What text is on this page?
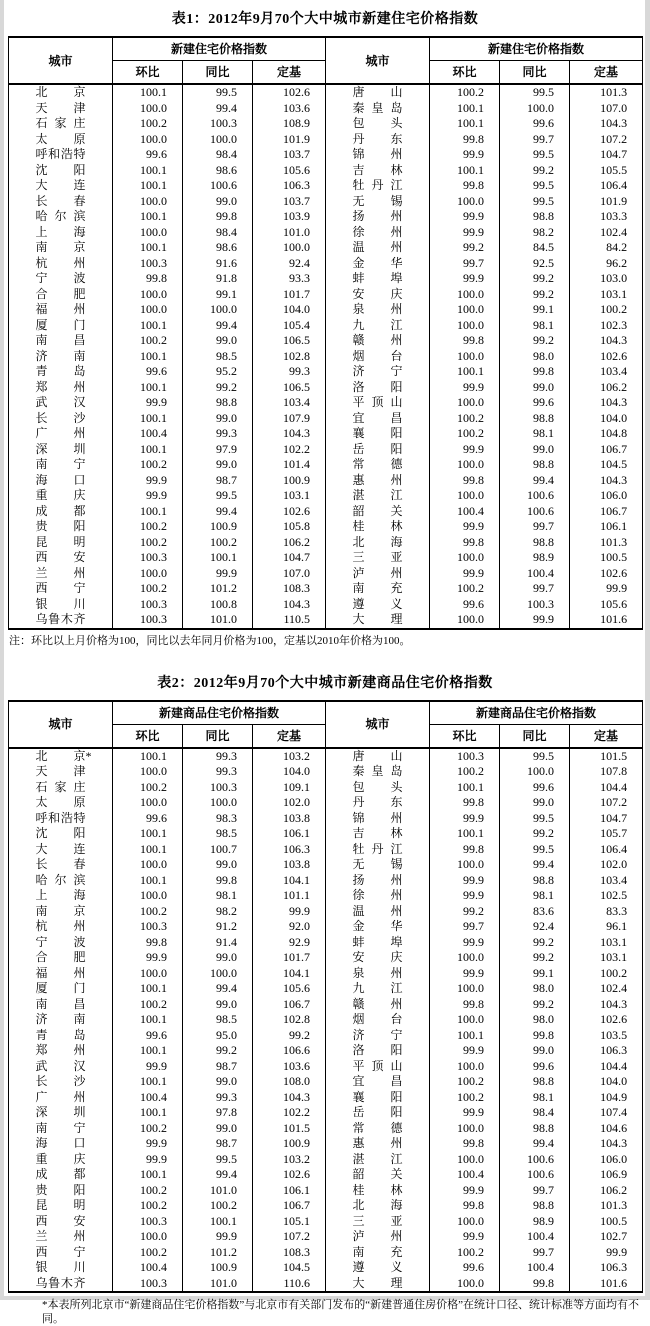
表1：2012年9月70个大中城市新建住宅价格指数
城市	新建住宅价格指数			城市	新建住宅价格指数		
	环比	同比	定基		环比	同比	定基
北京	100.1	99.5	102.6	唐山	100.2	99.5	101.3
天津	100.0	99.4	103.6	秦皇岛	100.1	100.0	107.0
石家庄	100.2	100.3	108.9	包头	100.1	99.6	104.3
太原	100.0	100.0	101.9	丹东	99.8	99.7	107.2
呼和浩特	99.6	98.4	103.7	锦州	99.9	99.5	104.7
沈阳	100.1	98.6	105.6	吉林	100.1	99.2	105.5
大连	100.1	100.6	106.3	牡丹江	99.8	99.5	106.4
长春	100.0	99.0	103.7	无锡	100.0	99.5	101.9
哈尔滨	100.1	99.8	103.9	扬州	99.9	98.8	103.3
上海	100.0	98.4	101.0	徐州	99.9	98.2	102.4
南京	100.1	98.6	100.0	温州	99.2	84.5	84.2
杭州	100.3	91.6	92.4	金华	99.7	92.5	96.2
宁波	99.8	91.8	93.3	蚌埠	99.9	99.2	103.0
合肥	100.0	99.1	101.7	安庆	100.0	99.2	103.1
福州	100.0	100.0	104.0	泉州	100.0	99.1	100.2
厦门	100.1	99.4	105.4	九江	100.0	98.1	102.3
南昌	100.2	99.0	106.5	赣州	99.8	99.2	104.3
济南	100.1	98.5	102.8	烟台	100.0	98.0	102.6
青岛	99.6	95.2	99.3	济宁	100.1	99.8	103.4
郑州	100.1	99.2	106.5	洛阳	99.9	99.0	106.2
武汉	99.9	98.8	103.4	平顶山	100.0	99.6	104.3
长沙	100.1	99.0	107.9	宜昌	100.2	98.8	104.0
广州	100.4	99.3	104.3	襄阳	100.2	98.1	104.8
深圳	100.1	97.9	102.2	岳阳	99.9	99.0	106.7
南宁	100.2	99.0	101.4	常德	100.0	98.8	104.5
海口	99.9	98.7	100.9	惠州	99.8	99.4	104.3
重庆	99.9	99.5	103.1	湛江	100.0	100.6	106.0
成都	100.1	99.4	102.6	韶关	100.4	100.6	106.7
贵阳	100.2	100.9	105.8	桂林	99.9	99.7	106.1
昆明	100.2	100.2	106.2	北海	99.8	98.8	101.3
西安	100.3	100.1	104.7	三亚	100.0	98.9	100.5
兰州	100.0	99.9	107.0	泸州	99.9	100.4	102.6
西宁	100.2	101.2	108.3	南充	100.2	99.7	99.9
银川	100.3	100.8	104.3	遵义	99.6	100.3	105.6
乌鲁木齐	100.3	101.0	110.5	大理	100.0	99.9	101.6

注：环比以上月价格为100，同比以去年同月价格为100，定基以2010年价格为100。

表2：2012年9月70个大中城市新建商品住宅价格指数
城市	新建商品住宅价格指数			城市	新建商品住宅价格指数		
	环比	同比	定基		环比	同比	定基
北京*	100.1	99.3	103.2	唐山	100.3	99.5	101.5
天津	100.0	99.3	104.0	秦皇岛	100.2	100.0	107.8
石家庄	100.2	100.3	109.1	包头	100.1	99.6	104.4
太原	100.0	100.0	102.0	丹东	99.8	99.0	107.2
呼和浩特	99.6	98.3	103.8	锦州	99.9	99.5	104.7
沈阳	100.1	98.5	106.1	吉林	100.1	99.2	105.7
大连	100.1	100.7	106.3	牡丹江	99.8	99.5	106.4
长春	100.0	99.0	103.8	无锡	100.0	99.4	102.0
哈尔滨	100.1	99.8	104.1	扬州	99.9	98.8	103.4
上海	100.0	98.1	101.1	徐州	99.9	98.1	102.5
南京	100.2	98.2	99.9	温州	99.2	83.6	83.3
杭州	100.3	91.2	92.0	金华	99.7	92.4	96.1
宁波	99.8	91.4	92.9	蚌埠	99.9	99.2	103.1
合肥	99.9	99.0	101.7	安庆	100.0	99.2	103.1
福州	100.0	100.0	104.1	泉州	99.9	99.1	100.2
厦门	100.1	99.4	105.6	九江	100.0	98.0	102.4
南昌	100.2	99.0	106.7	赣州	99.8	99.2	104.3
济南	100.1	98.5	102.8	烟台	100.0	98.0	102.6
青岛	99.6	95.0	99.2	济宁	100.1	99.8	103.5
郑州	100.1	99.2	106.6	洛阳	99.9	99.0	106.3
武汉	99.9	98.7	103.6	平顶山	100.0	99.6	104.4
长沙	100.1	99.0	108.0	宜昌	100.2	98.8	104.0
广州	100.4	99.3	104.3	襄阳	100.2	98.1	104.9
深圳	100.1	97.8	102.2	岳阳	99.9	98.4	107.4
南宁	100.2	99.0	101.5	常德	100.0	98.8	104.6
海口	99.9	98.7	100.9	惠州	99.8	99.4	104.3
重庆	99.9	99.5	103.2	湛江	100.0	100.6	106.0
成都	100.1	99.4	102.6	韶关	100.4	100.6	106.9
贵阳	100.2	101.0	106.1	桂林	99.9	99.7	106.2
昆明	100.2	100.2	106.7	北海	99.8	98.8	101.3
西安	100.3	100.1	105.1	三亚	100.0	98.9	100.5
兰州	100.0	99.9	107.2	泸州	99.9	100.4	102.7
西宁	100.2	101.2	108.3	南充	100.2	99.7	99.9
银川	100.4	100.9	104.5	遵义	99.6	100.4	106.3
乌鲁木齐	100.3	101.0	110.6	大理	100.0	99.8	101.6

*本表所列北京市“新建商品住宅价格指数”与北京市有关部门发布的“新建普通住房价格”在统计口径、统计标准等方面均有不同。
